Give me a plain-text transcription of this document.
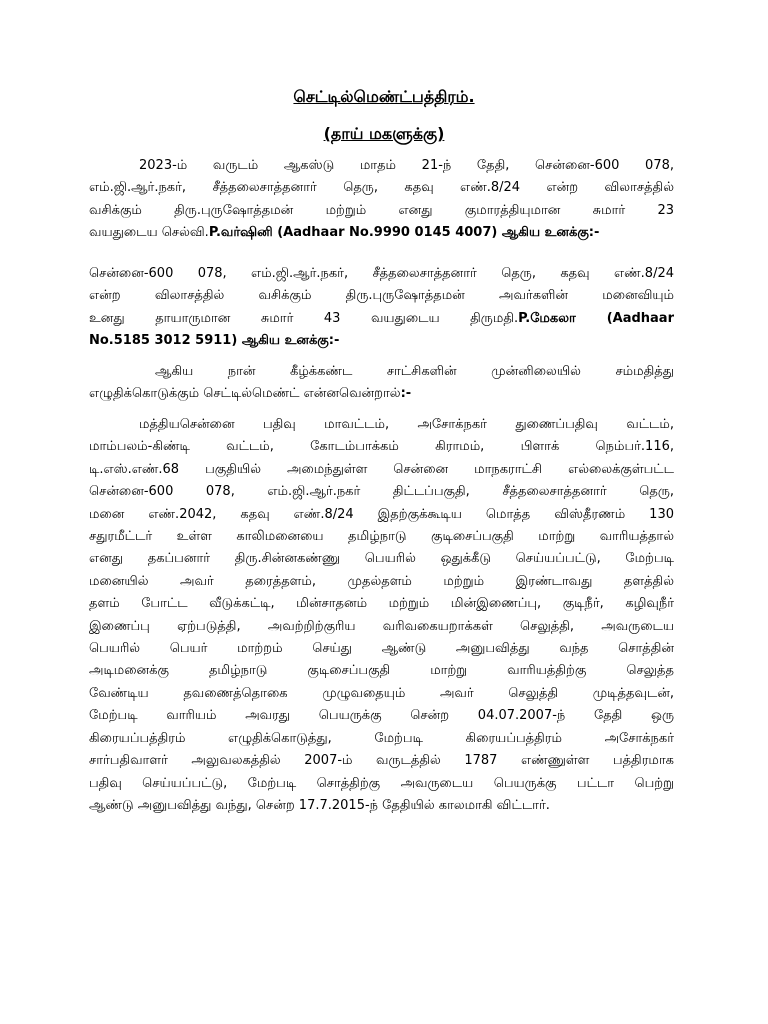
செட்டில்மெண்ட்பத்திரம்.
(தாய் மகளுக்கு)
2023-ம் வருடம் ஆகஸ்டு மாதம் 21-ந் தேதி, சென்னை-600 078,
எம்.ஜி.ஆர்.நகர், சீத்தலைசாத்தனார் தெரு, கதவு எண்.8/24 என்ற விலாசத்தில்
வசிக்கும் திரு.புருஷோத்தமன் மற்றும் எனது குமாரத்தியுமான சுமார் 23
வயதுடைய செல்வி.P.வர்ஷினி (Aadhaar No.9990 0145 4007) ஆகிய உனக்கு:-
சென்னை-600 078, எம்.ஜி.ஆர்.நகர், சீத்தலைசாத்தனார் தெரு, கதவு எண்.8/24
என்ற விலாசத்தில் வசிக்கும் திரு.புருஷோத்தமன் அவர்களின் மனைவியும்
உனது தாயாருமான சுமார் 43 வயதுடைய திருமதி.P.மேகலா (Aadhaar
No.5185 3012 5911) ஆகிய உனக்கு:-
ஆகிய நான் கீழ்க்கண்ட சாட்சிகளின் முன்னிலையில் சம்மதித்து
எழுதிக்கொடுக்கும் செட்டில்மெண்ட் என்னவென்றால்:-
மத்தியசென்னை பதிவு மாவட்டம், அசோக்நகர் துணைப்பதிவு வட்டம்,
மாம்பலம்-கிண்டி வட்டம், கோடம்பாக்கம் கிராமம், பிளாக் நெம்பர்.116,
டி.எஸ்.எண்.68 பகுதியில் அமைந்துள்ள சென்னை மாநகராட்சி எல்லைக்குள்பட்ட
சென்னை-600 078, எம்.ஜி.ஆர்.நகர் திட்டப்பகுதி, சீத்தலைசாத்தனார் தெரு,
மனை எண்.2042, கதவு எண்.8/24 இதற்குக்கூடிய மொத்த விஸ்தீரணம் 130
சதுரமீட்டர் உள்ள காலிமனையை தமிழ்நாடு குடிசைப்பகுதி மாற்று வாரியத்தால்
எனது தகப்பனார் திரு.சின்னகண்ணு பெயரில் ஒதுக்கீடு செய்யப்பட்டு, மேற்படி
மனையில் அவர் தரைத்தளம், முதல்தளம் மற்றும் இரண்டாவது தளத்தில்
தளம் போட்ட வீடுக்கட்டி, மின்சாதனம் மற்றும் மின்இணைப்பு, குடிநீர், கழிவுநீர்
இணைப்பு ஏற்படுத்தி, அவற்றிற்குரிய வரிவகையறாக்கள் செலுத்தி, அவருடைய
பெயரில் பெயர் மாற்றம் செய்து ஆண்டு அனுபவித்து வந்த சொத்தின்
அடிமனைக்கு தமிழ்நாடு குடிசைப்பகுதி மாற்று வாரியத்திற்கு செலுத்த
வேண்டிய தவணைத்தொகை முழுவதையும் அவர் செலுத்தி முடித்தவுடன்,
மேற்படி வாரியம் அவரது பெயருக்கு சென்ற 04.07.2007-ந் தேதி ஒரு
கிரையப்பத்திரம் எழுதிக்கொடுத்து, மேற்படி கிரையப்பத்திரம் அசோக்நகர்
சார்பதிவாளர் அலுவலகத்தில் 2007-ம் வருடத்தில் 1787 எண்ணுள்ள பத்திரமாக
பதிவு செய்யப்பட்டு, மேற்படி சொத்திற்கு அவருடைய பெயருக்கு பட்டா பெற்று
ஆண்டு அனுபவித்து வந்து, சென்ற 17.7.2015-ந் தேதியில் காலமாகி விட்டார்.
